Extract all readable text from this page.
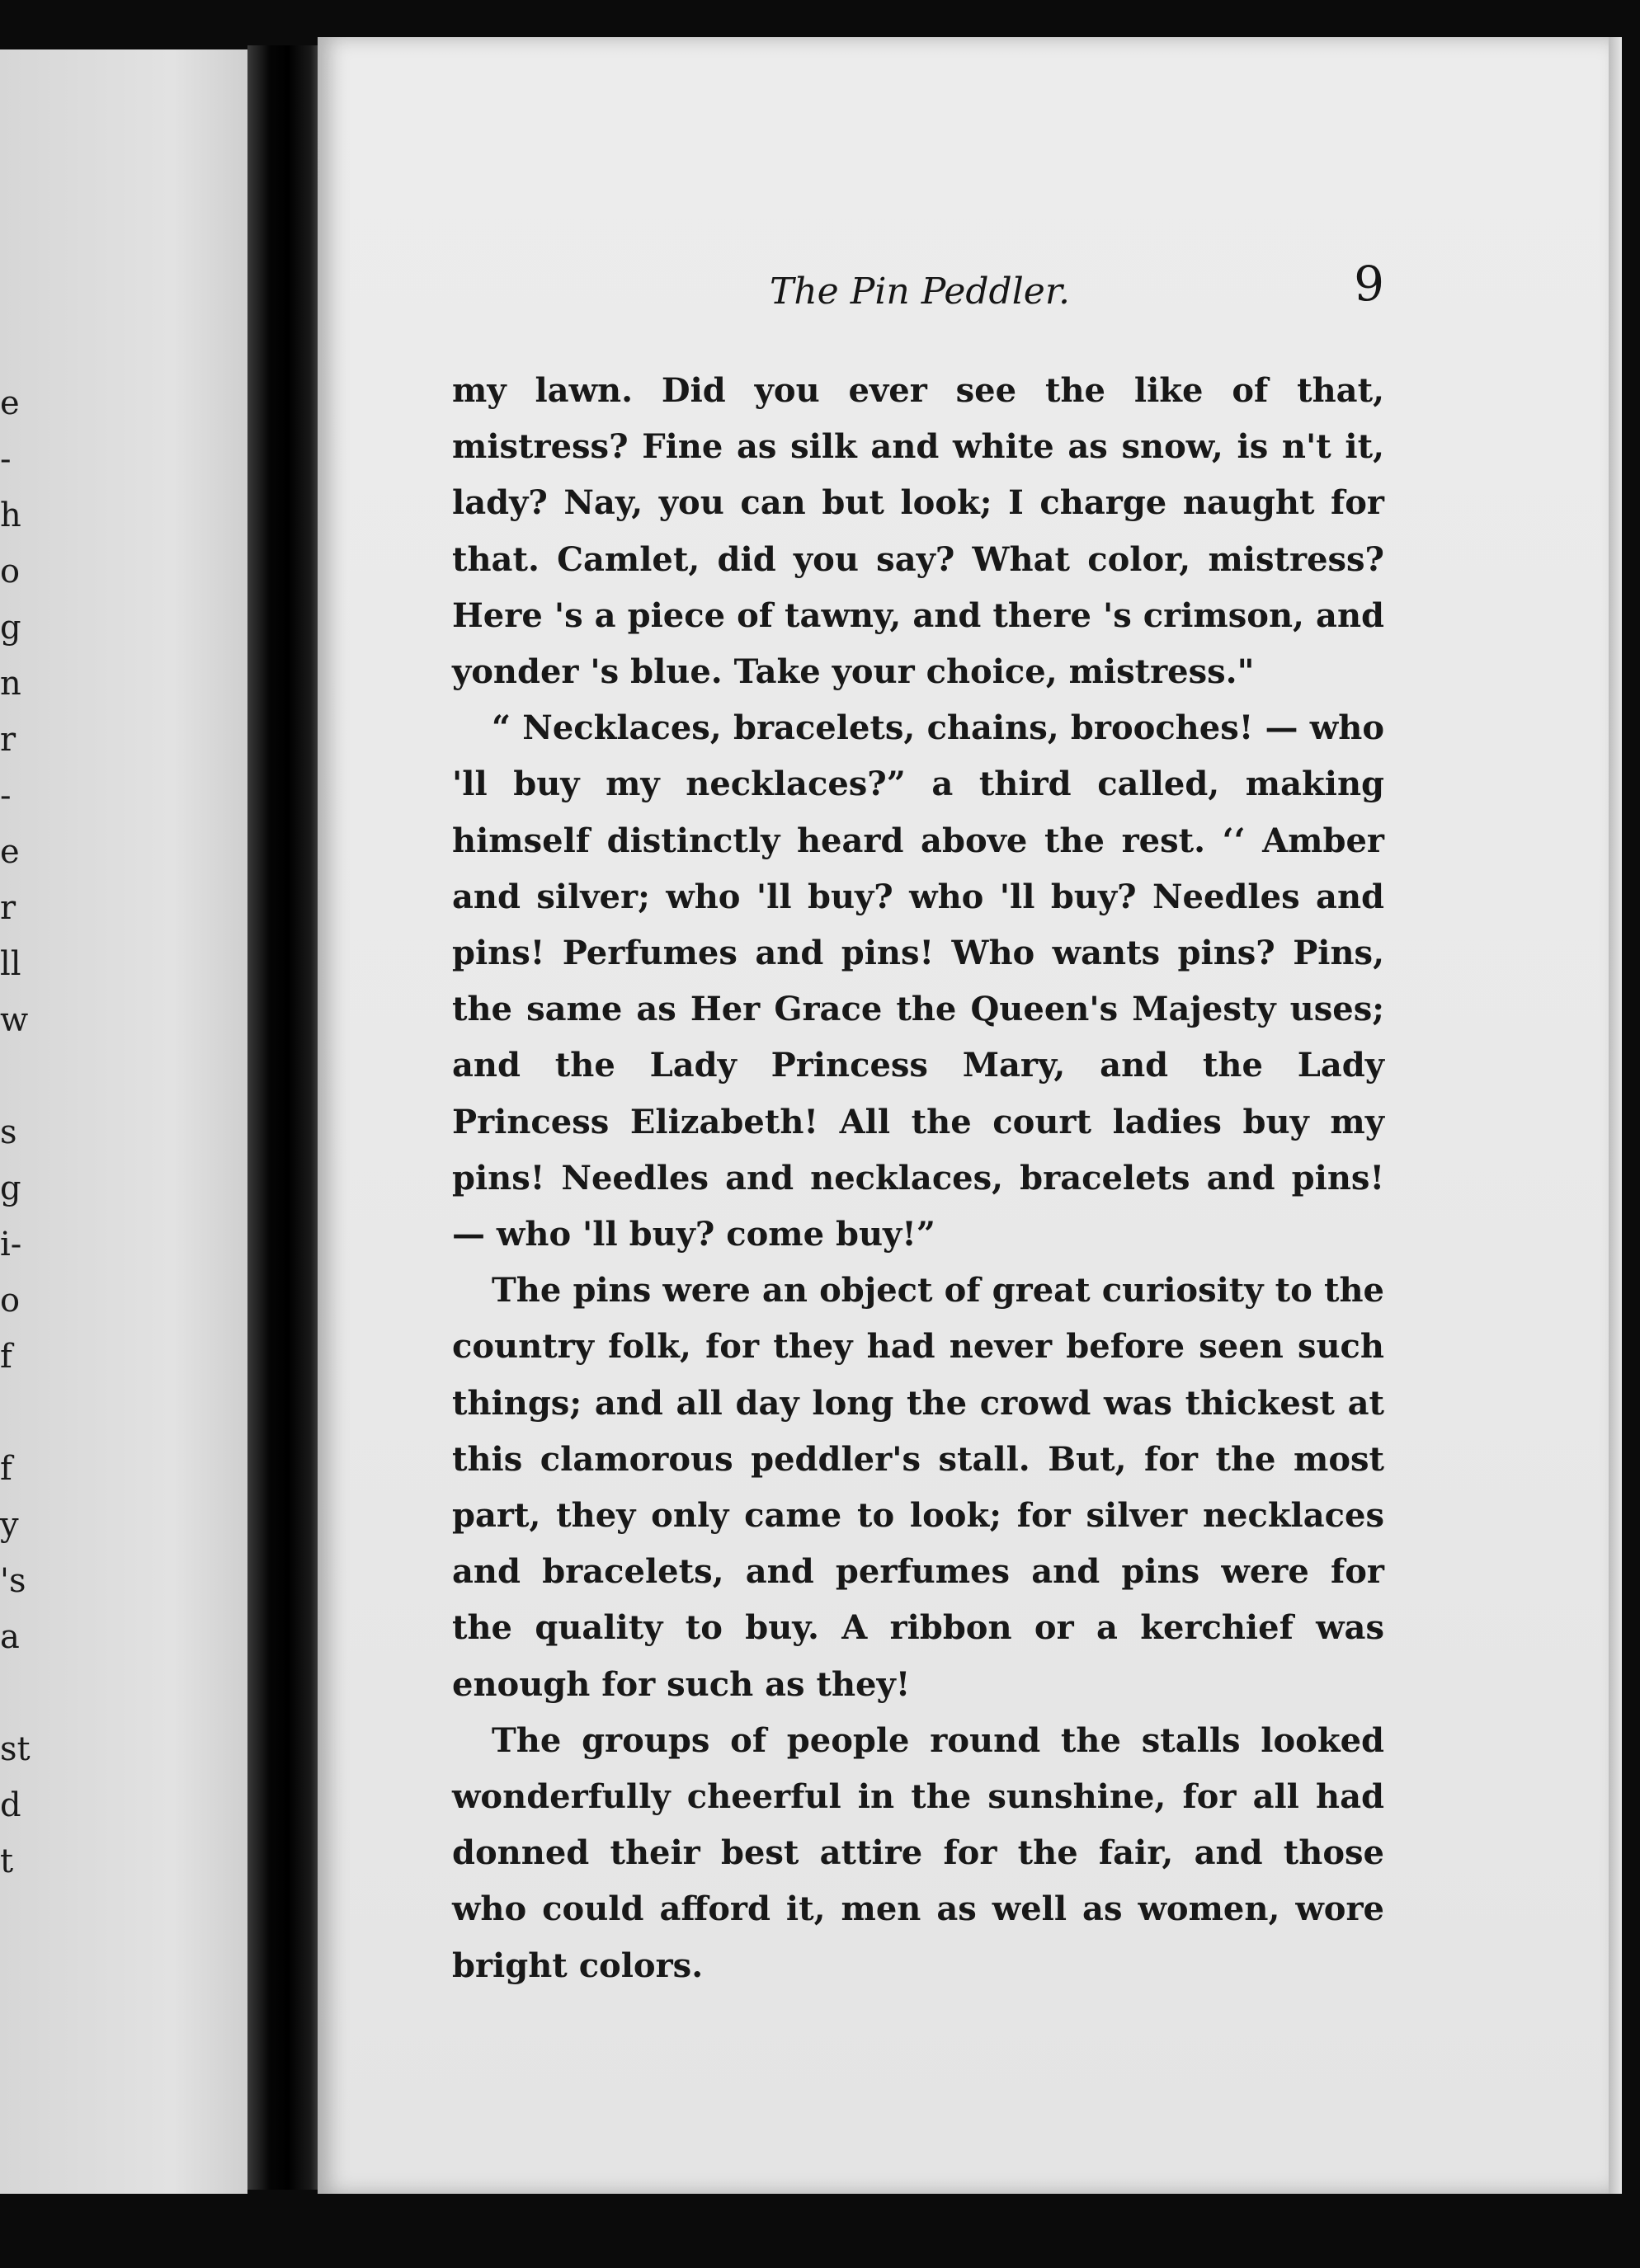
e
-
h
o
g
n
r
-
e
r
ll
w

s
g
i-
o
f

f
y
's
a

st
d
t
The Pin Peddler.	9

my lawn. Did you ever see the like of that, mistress? Fine as silk and white as snow, is n't it, lady? Nay, you can but look; I charge naught for that. Camlet, did you say? What color, mistress? Here 's a piece of tawny, and there 's crimson, and yonder 's blue. Take your choice, mistress."

“ Necklaces, bracelets, chains, brooches! — who 'll buy my necklaces?” a third called, making himself distinctly heard above the rest. ‘‘ Amber and silver; who 'll buy? who 'll buy? Needles and pins! Perfumes and pins! Who wants pins? Pins, the same as Her Grace the Queen's Majesty uses; and the Lady Princess Mary, and the Lady Princess Elizabeth! All the court ladies buy my pins! Needles and necklaces, bracelets and pins! — who 'll buy? come buy!”

The pins were an object of great curiosity to the country folk, for they had never before seen such things; and all day long the crowd was thickest at this clamorous peddler's stall. But, for the most part, they only came to look; for silver necklaces and bracelets, and perfumes and pins were for the quality to buy. A ribbon or a kerchief was enough for such as they!

The groups of people round the stalls looked wonderfully cheerful in the sunshine, for all had donned their best attire for the fair, and those who could afford it, men as well as women, wore bright colors.
